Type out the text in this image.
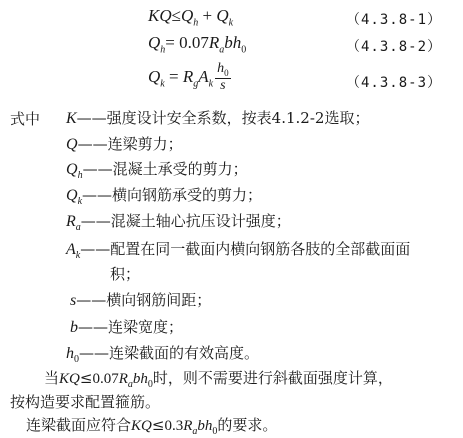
$KQ\le Q_h + Q_k$	（4.3.8-1）
$Q_h= 0.07R_abh_0$	（4.3.8-2）
$Q_k = R_gA_k \frac{h_0}{s}$	（4.3.8-3）
式中 K——强度设计安全系数，按表4.1.2-2选取；
Q——连梁剪力；
$Q_h——$混凝土承受的剪力；
$Q_k——$横向钢筋承受的剪力；
$R_a——$混凝土轴心抗压设计强度；
$A_k——$配置在同一截面内横向钢筋各肢的全部截面面
积；
s——横向钢筋间距；
b——连梁宽度；
$h_0——$连梁截面的有效高度。
当$KQ\le 0.07R_abh_0$时，则不需要进行斜截面强度计算，
按构造要求配置箍筋。
连梁截面应符合$KQ\le 0.3R_abh_0$的要求。
